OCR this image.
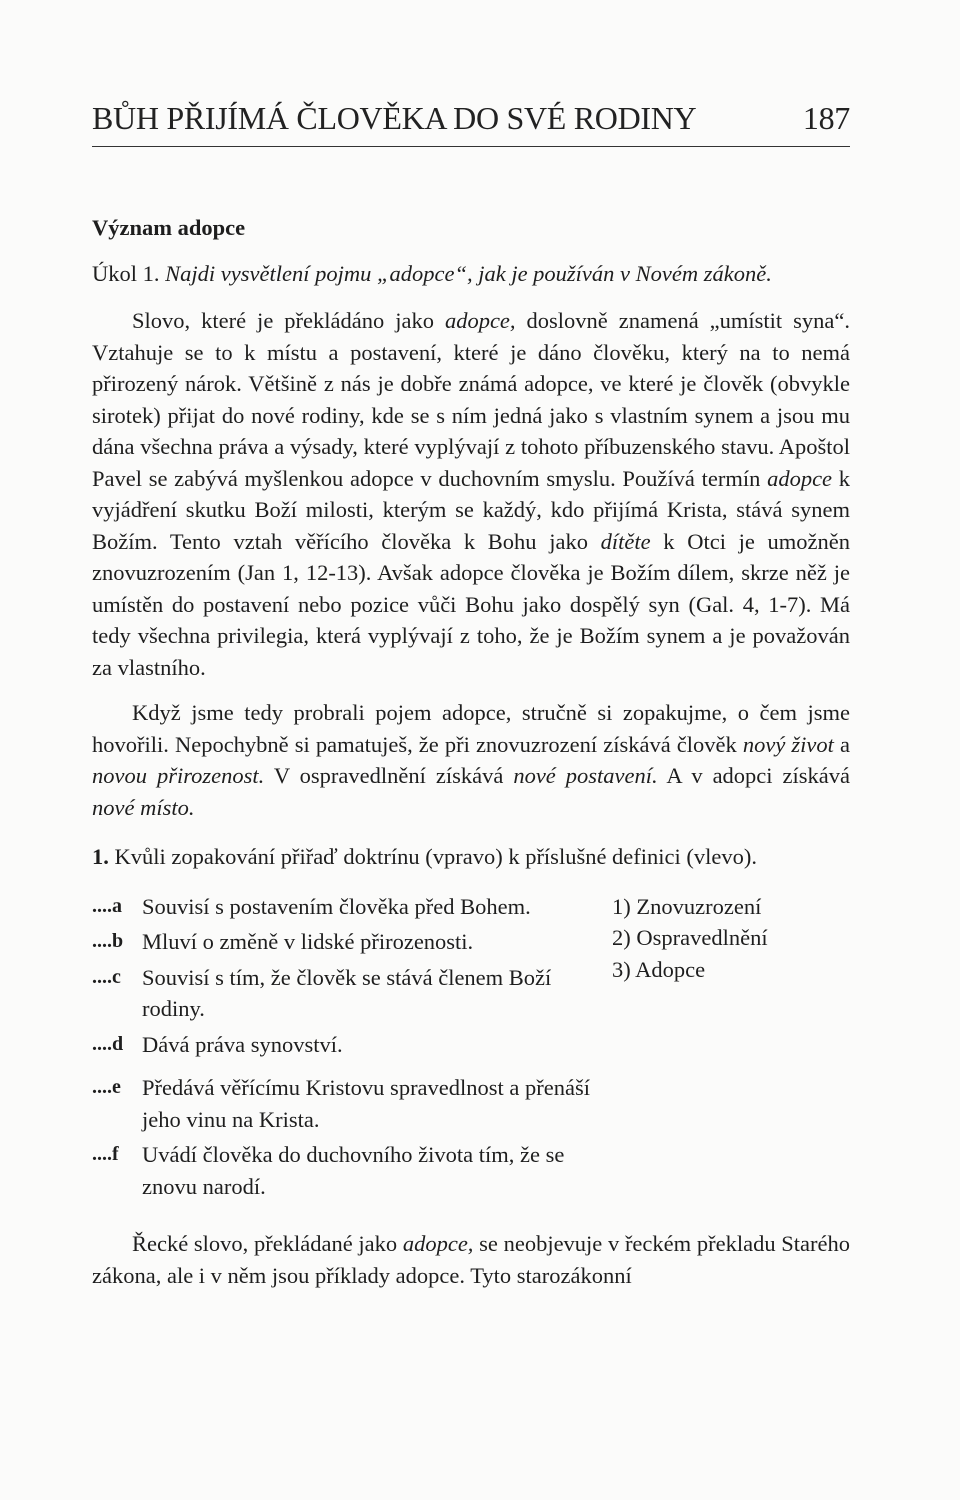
BŮH PŘIJÍMÁ ČLOVĚKA DO SVÉ RODINY	187

Význam adopce

Úkol 1. Najdi vysvětlení pojmu „adopce“, jak je používán v Novém zákoně.

Slovo, které je překládáno jako adopce, doslovně znamená „umístit syna“. Vztahuje se to k místu a postavení, které je dáno člověku, který na to nemá přirozený nárok. Většině z nás je dobře známá adopce, ve které je člověk (obvykle sirotek) přijat do nové rodiny, kde se s ním jedná jako s vlastním synem a jsou mu dána všechna práva a výsady, které vyplývají z tohoto příbuzenského stavu. Apoštol Pavel se zabývá myšlenkou adopce v duchovním smyslu. Používá termín adopce k vyjádření skutku Boží milosti, kterým se každý, kdo přijímá Krista, stává synem Božím. Tento vztah věřícího člověka k Bohu jako dítěte k Otci je umožněn znovuzrozením (Jan 1, 12-13). Avšak adopce člověka je Božím dílem, skrze něž je umístěn do postavení nebo pozice vůči Bohu jako dospělý syn (Gal. 4, 1-7). Má tedy všechna privilegia, která vyplývají z toho, že je Božím synem a je považován za vlastního.

Když jsme tedy probrali pojem adopce, stručně si zopakujme, o čem jsme hovořili. Nepochybně si pamatuješ, že při znovuzrození získává člověk nový život a novou přirozenost. V ospravedlnění získává nové postavení. A v adopci získává nové místo.

1. Kvůli zopakování přiřaď doktrínu (vpravo) k příslušné definici (vlevo).

....a Souvisí s postavením člověka před Bohem.
....b Mluví o změně v lidské přirozenosti.
....c Souvisí s tím, že člověk se stává členem Boží rodiny.
....d Dává práva synovství.
....e Předává věřícímu Kristovu spravedlnost a přenáší jeho vinu na Krista.
....f	Uvádí člověka do duchovního života tím, že se znovu narodí.

1) Znovuzrození

2) Ospravedlnění

3) Adopce

Řecké slovo, překládané jako adopce, se neobjevuje v řeckém překladu Starého zákona, ale i v něm jsou příklady adopce. Tyto starozákonní
